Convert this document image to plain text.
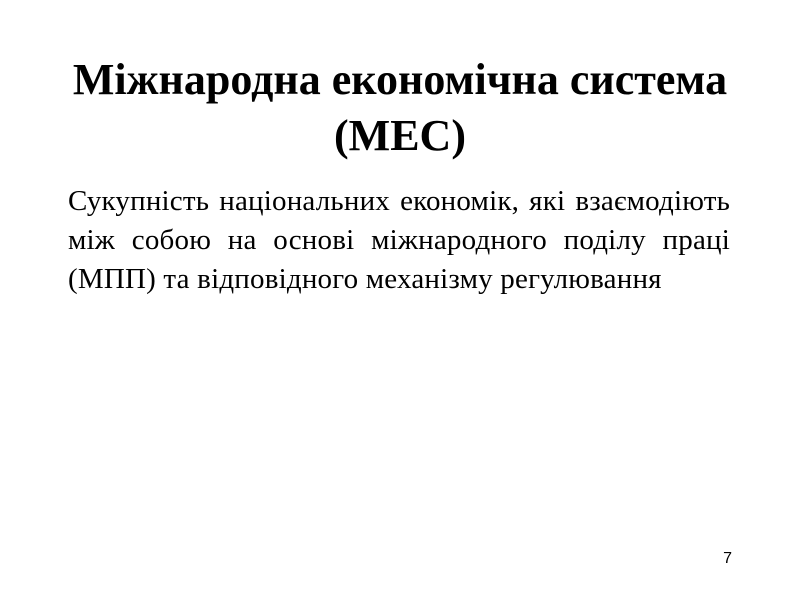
Міжнародна економічна система (МЕС)

Сукупність національних економік, які взаємодіють між собою на основі міжнародного поділу праці (МПП) та відповідного механізму регулювання

7
